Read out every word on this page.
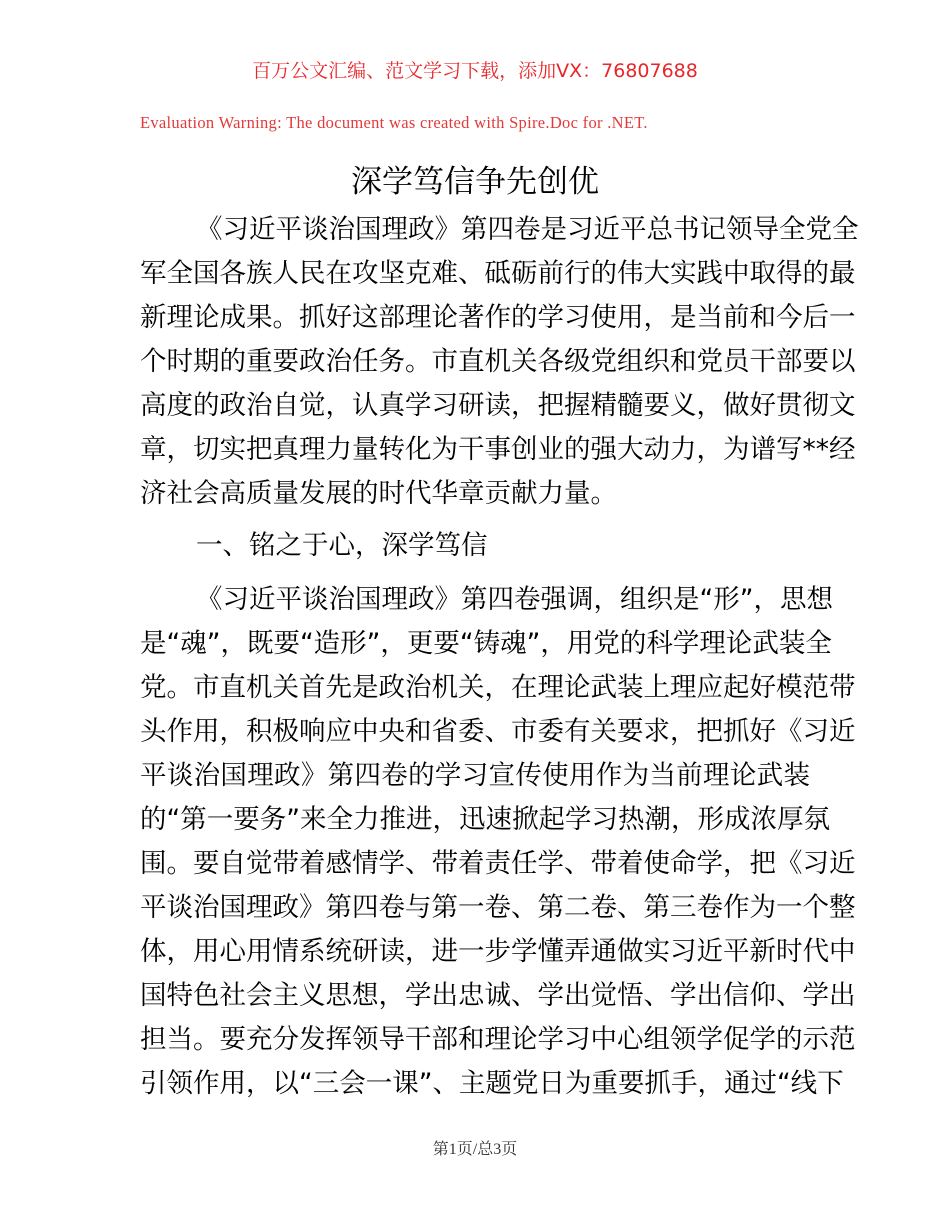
百万公文汇编、范文学习下载，添加VX：76807688
Evaluation Warning: The document was created with Spire.Doc for .NET.
深学笃信争先创优
《习近平谈治国理政》第四卷是习近平总书记领导全党全
军全国各族人民在攻坚克难、砥砺前行的伟大实践中取得的最
新理论成果。抓好这部理论著作的学习使用，是当前和今后一
个时期的重要政治任务。市直机关各级党组织和党员干部要以
高度的政治自觉，认真学习研读，把握精髓要义，做好贯彻文
章，切实把真理力量转化为干事创业的强大动力，为谱写**经
济社会高质量发展的时代华章贡献力量。
一、铭之于心，深学笃信
《习近平谈治国理政》第四卷强调，组织是“形”，思想
是“魂”，既要“造形”，更要“铸魂”，用党的科学理论武装全
党。市直机关首先是政治机关，在理论武装上理应起好模范带
头作用，积极响应中央和省委、市委有关要求，把抓好《习近
平谈治国理政》第四卷的学习宣传使用作为当前理论武装
的“第一要务”来全力推进，迅速掀起学习热潮，形成浓厚氛
围。要自觉带着感情学、带着责任学、带着使命学，把《习近
平谈治国理政》第四卷与第一卷、第二卷、第三卷作为一个整
体，用心用情系统研读，进一步学懂弄通做实习近平新时代中
国特色社会主义思想，学出忠诚、学出觉悟、学出信仰、学出
担当。要充分发挥领导干部和理论学习中心组领学促学的示范
引领作用，以“三会一课”、主题党日为重要抓手，通过“线下
第1页/总3页
